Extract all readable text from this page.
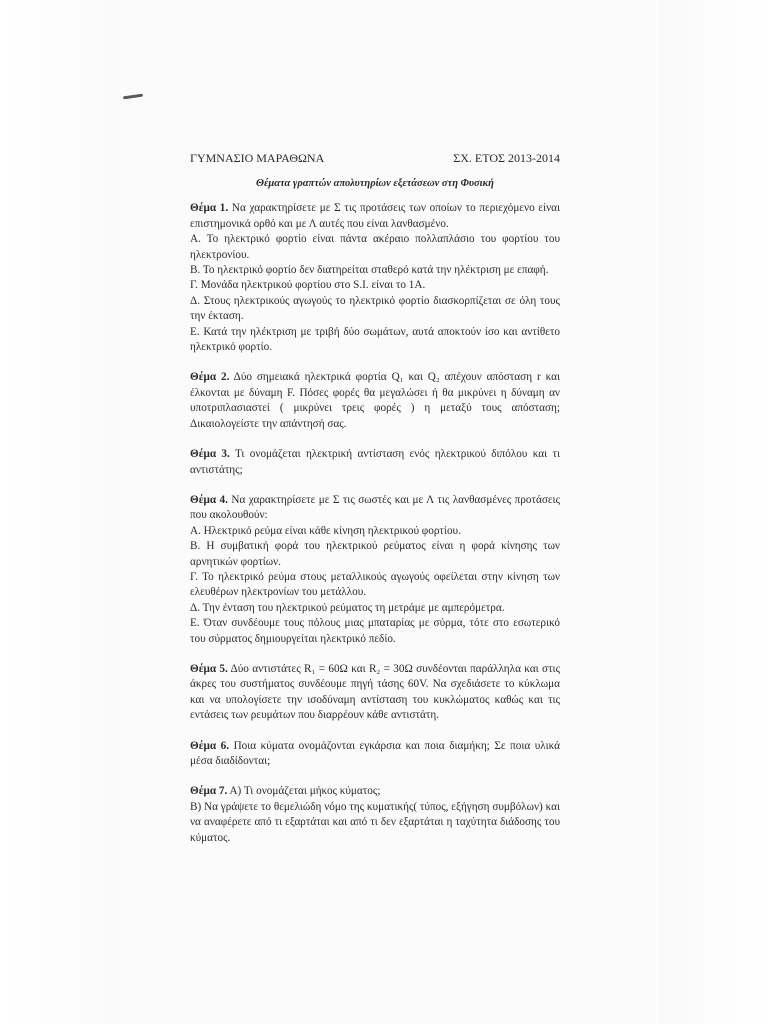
ΓΥΜΝΑΣΙΟ ΜΑΡΑΘΩΝΑ	ΣΧ. ΕΤΟΣ 2013-2014
Θέματα γραπτών απολυτηρίων εξετάσεων στη Φυσική
Θέμα 1. Να χαρακτηρίσετε με Σ τις προτάσεις των οποίων το περιεχόμενο είναι επιστημονικά ορθό και με Λ αυτές που είναι λανθασμένο.
Α. Το ηλεκτρικό φορτίο είναι πάντα ακέραιο πολλαπλάσιο του φορτίου του ηλεκτρονίου.
Β. Το ηλεκτρικό φορτίο δεν διατηρείται σταθερό κατά την ηλέκτριση με επαφή.
Γ. Μονάδα ηλεκτρικού φορτίου στο S.I. είναι το 1A.
Δ. Στους ηλεκτρικούς αγωγούς το ηλεκτρικό φορτίο διασκορπίζεται σε όλη τους την έκταση.
Ε. Κατά την ηλέκτριση με τριβή δύο σωμάτων, αυτά αποκτούν ίσο και αντίθετο ηλεκτρικό φορτίο.
Θέμα 2. Δύο σημειακά ηλεκτρικά φορτία Q₁ και Q₂ απέχουν απόσταση r και έλκονται με δύναμη F. Πόσες φορές θα μεγαλώσει ή θα μικρύνει η δύναμη αν υποτριπλασιαστεί ( μικρύνει τρεις φορές ) η μεταξύ τους απόσταση; Δικαιολογείστε την απάντησή σας.
Θέμα 3. Τι ονομάζεται ηλεκτρική αντίσταση ενός ηλεκτρικού διπόλου και τι αντιστάτης;
Θέμα 4. Να χαρακτηρίσετε με Σ τις σωστές και με Λ τις λανθασμένες προτάσεις που ακολουθούν:
Α. Ηλεκτρικό ρεύμα είναι κάθε κίνηση ηλεκτρικού φορτίου.
Β. Η συμβατική φορά του ηλεκτρικού ρεύματος είναι η φορά κίνησης των αρνητικών φορτίων.
Γ. Το ηλεκτρικό ρεύμα στους μεταλλικούς αγωγούς οφείλεται στην κίνηση των ελευθέρων ηλεκτρονίων του μετάλλου.
Δ. Την ένταση του ηλεκτρικού ρεύματος τη μετράμε με αμπερόμετρα.
Ε. Όταν συνδέουμε τους πόλους μιας μπαταρίας με σύρμα, τότε στο εσωτερικό του σύρματος δημιουργείται ηλεκτρικό πεδίο.
Θέμα 5. Δύο αντιστάτες R₁ = 60Ω και R₂ = 30Ω συνδέονται παράλληλα και στις άκρες του συστήματος συνδέουμε πηγή τάσης 60V. Να σχεδιάσετε το κύκλωμα και να υπολογίσετε την ισοδύναμη αντίσταση του κυκλώματος καθώς και τις εντάσεις των ρευμάτων που διαρρέουν κάθε αντιστάτη.
Θέμα 6. Ποια κύματα ονομάζονται εγκάρσια και ποια διαμήκη; Σε ποια υλικά μέσα διαδίδονται;
Θέμα 7. Α) Τι ονομάζεται μήκος κύματος;
Β) Να γράψετε το θεμελιώδη νόμο της κυματικής( τύπος, εξήγηση συμβόλων) και να αναφέρετε από τι εξαρτάται και από τι δεν εξαρτάται η ταχύτητα διάδοσης του κύματος.
